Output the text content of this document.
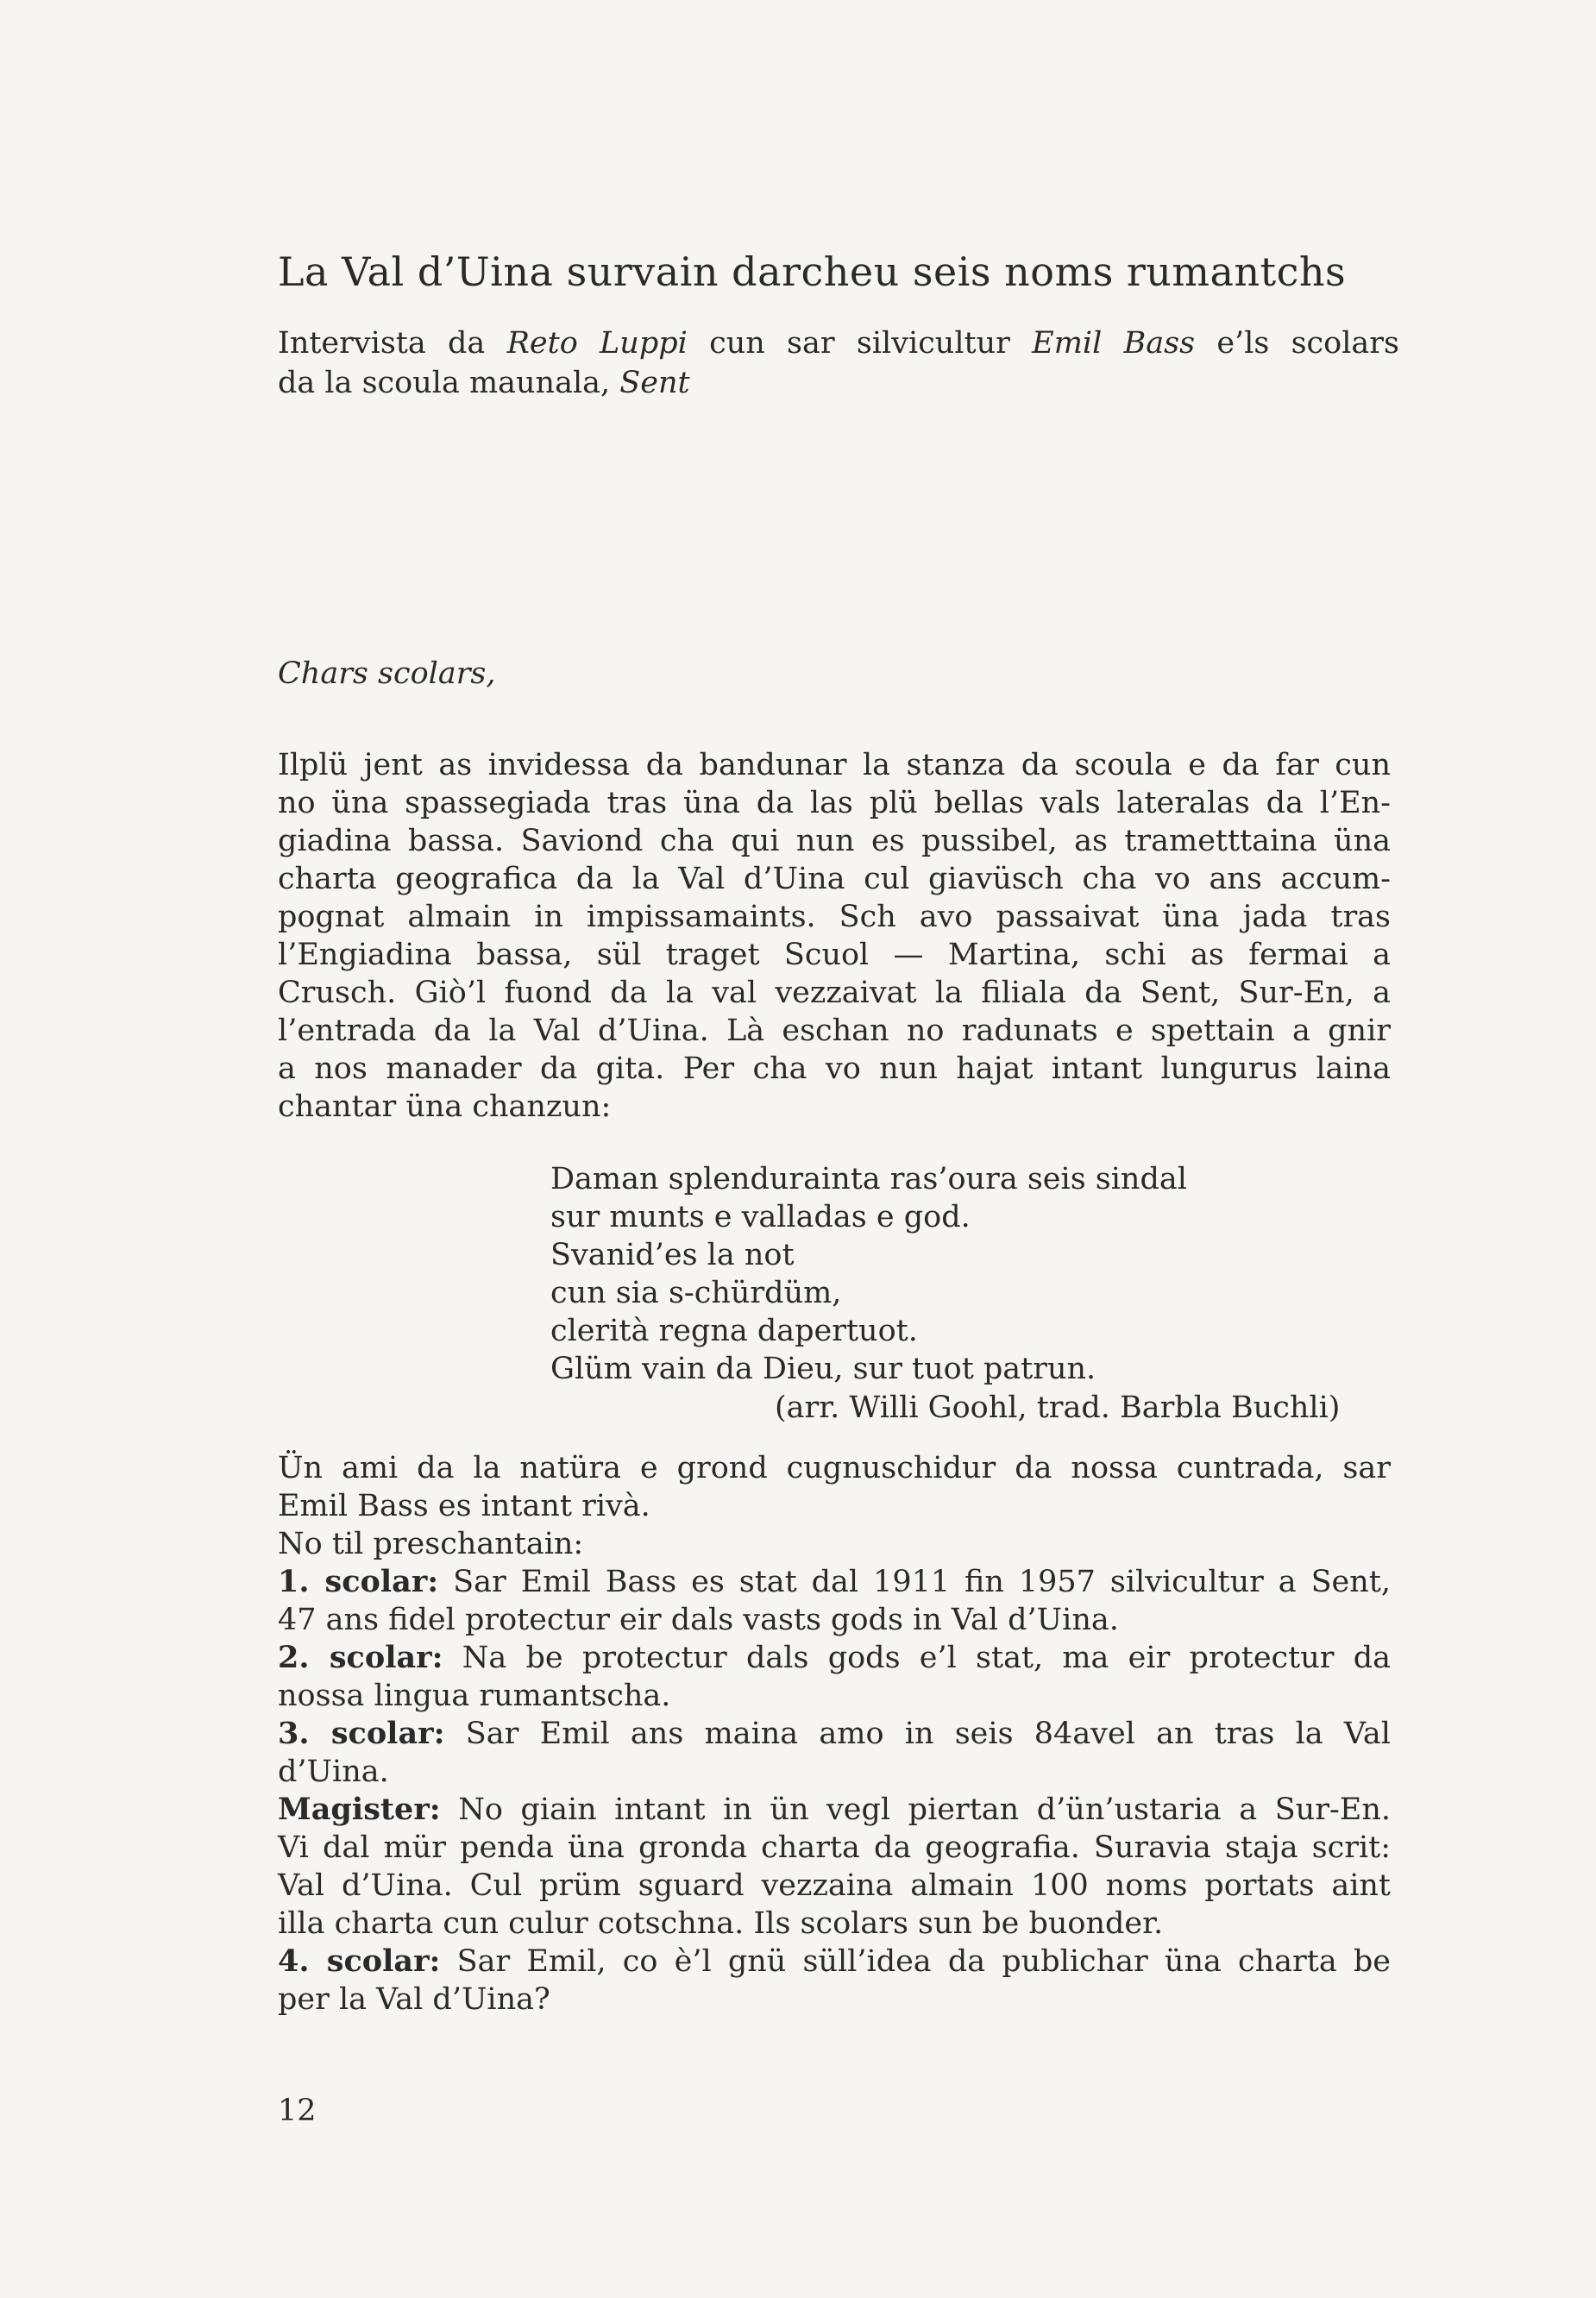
La Val d’Uina survain darcheu seis noms rumantchs
Intervista da Reto Luppi cun sar silvicultur Emil Bass e’ls scolars
da la scoula maunala, Sent
Chars scolars,
Ilplü jent as invidessa da bandunar la stanza da scoula e da far cun
no üna spassegiada tras üna da las plü bellas vals lateralas da l’En-
giadina bassa. Saviond cha qui nun es pussibel, as trametttaina üna
charta geografica da la Val d’Uina cul giavüsch cha vo ans accum-
pognat almain in impissamaints. Sch avo passaivat üna jada tras
l’Engiadina bassa, sül traget Scuol — Martina, schi as fermai a
Crusch. Giò’l fuond da la val vezzaivat la filiala da Sent, Sur-En, a
l’entrada da la Val d’Uina. Là eschan no radunats e spettain a gnir
a nos manader da gita. Per cha vo nun hajat intant lungurus laina
chantar üna chanzun:
Daman splendurainta ras’oura seis sindal
sur munts e valladas e god.
Svanid’es la not
cun sia s-chürdüm,
clerità regna dapertuot.
Glüm vain da Dieu, sur tuot patrun.
(arr. Willi Goohl, trad. Barbla Buchli)
Ün ami da la natüra e grond cugnuschidur da nossa cuntrada, sar
Emil Bass es intant rivà.
No til preschantain:
1. scolar: Sar Emil Bass es stat dal 1911 fin 1957 silvicultur a Sent,
47 ans fidel protectur eir dals vasts gods in Val d’Uina.
2. scolar: Na be protectur dals gods e’l stat, ma eir protectur da
nossa lingua rumantscha.
3. scolar: Sar Emil ans maina amo in seis 84avel an tras la Val
d’Uina.
Magister: No giain intant in ün vegl piertan d’ün’ustaria a Sur-En.
Vi dal mür penda üna gronda charta da geografia. Suravia staja scrit:
Val d’Uina. Cul prüm sguard vezzaina almain 100 noms portats aint
illa charta cun culur cotschna. Ils scolars sun be buonder.
4. scolar: Sar Emil, co è’l gnü süll’idea da publichar üna charta be
per la Val d’Uina?
12
